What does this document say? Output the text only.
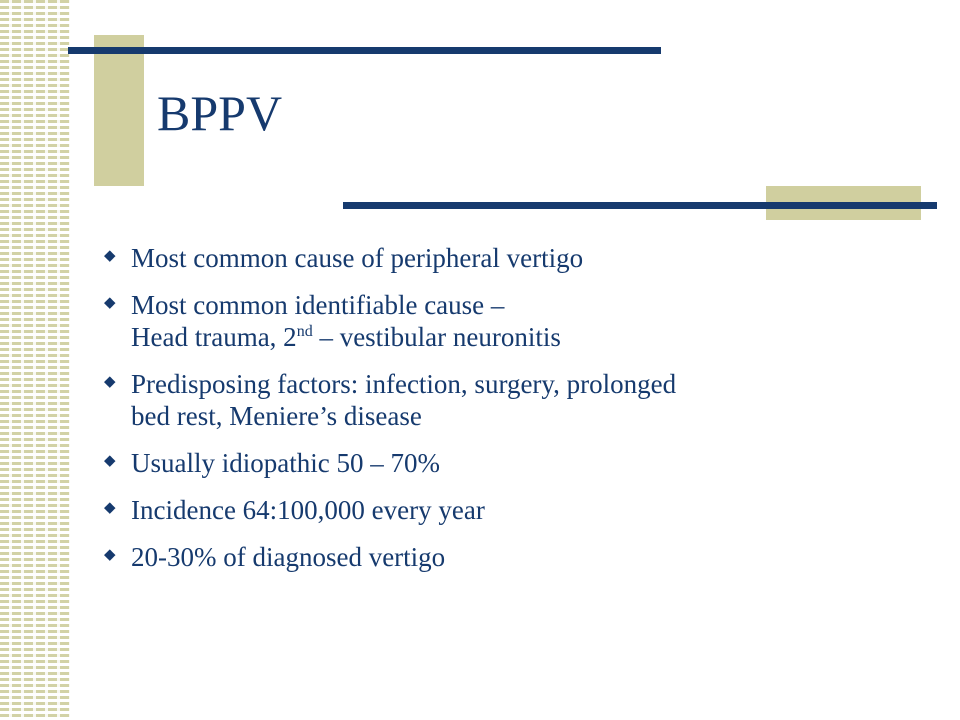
BPPV
◆ Most common cause of peripheral vertigo
◆ Most common identifiable cause –
Head trauma, 2nd – vestibular neuronitis
◆ Predisposing factors: infection, surgery, prolonged
bed rest, Meniere’s disease
◆ Usually idiopathic 50 – 70%
◆ Incidence 64:100,000 every year
◆ 20-30% of diagnosed vertigo
